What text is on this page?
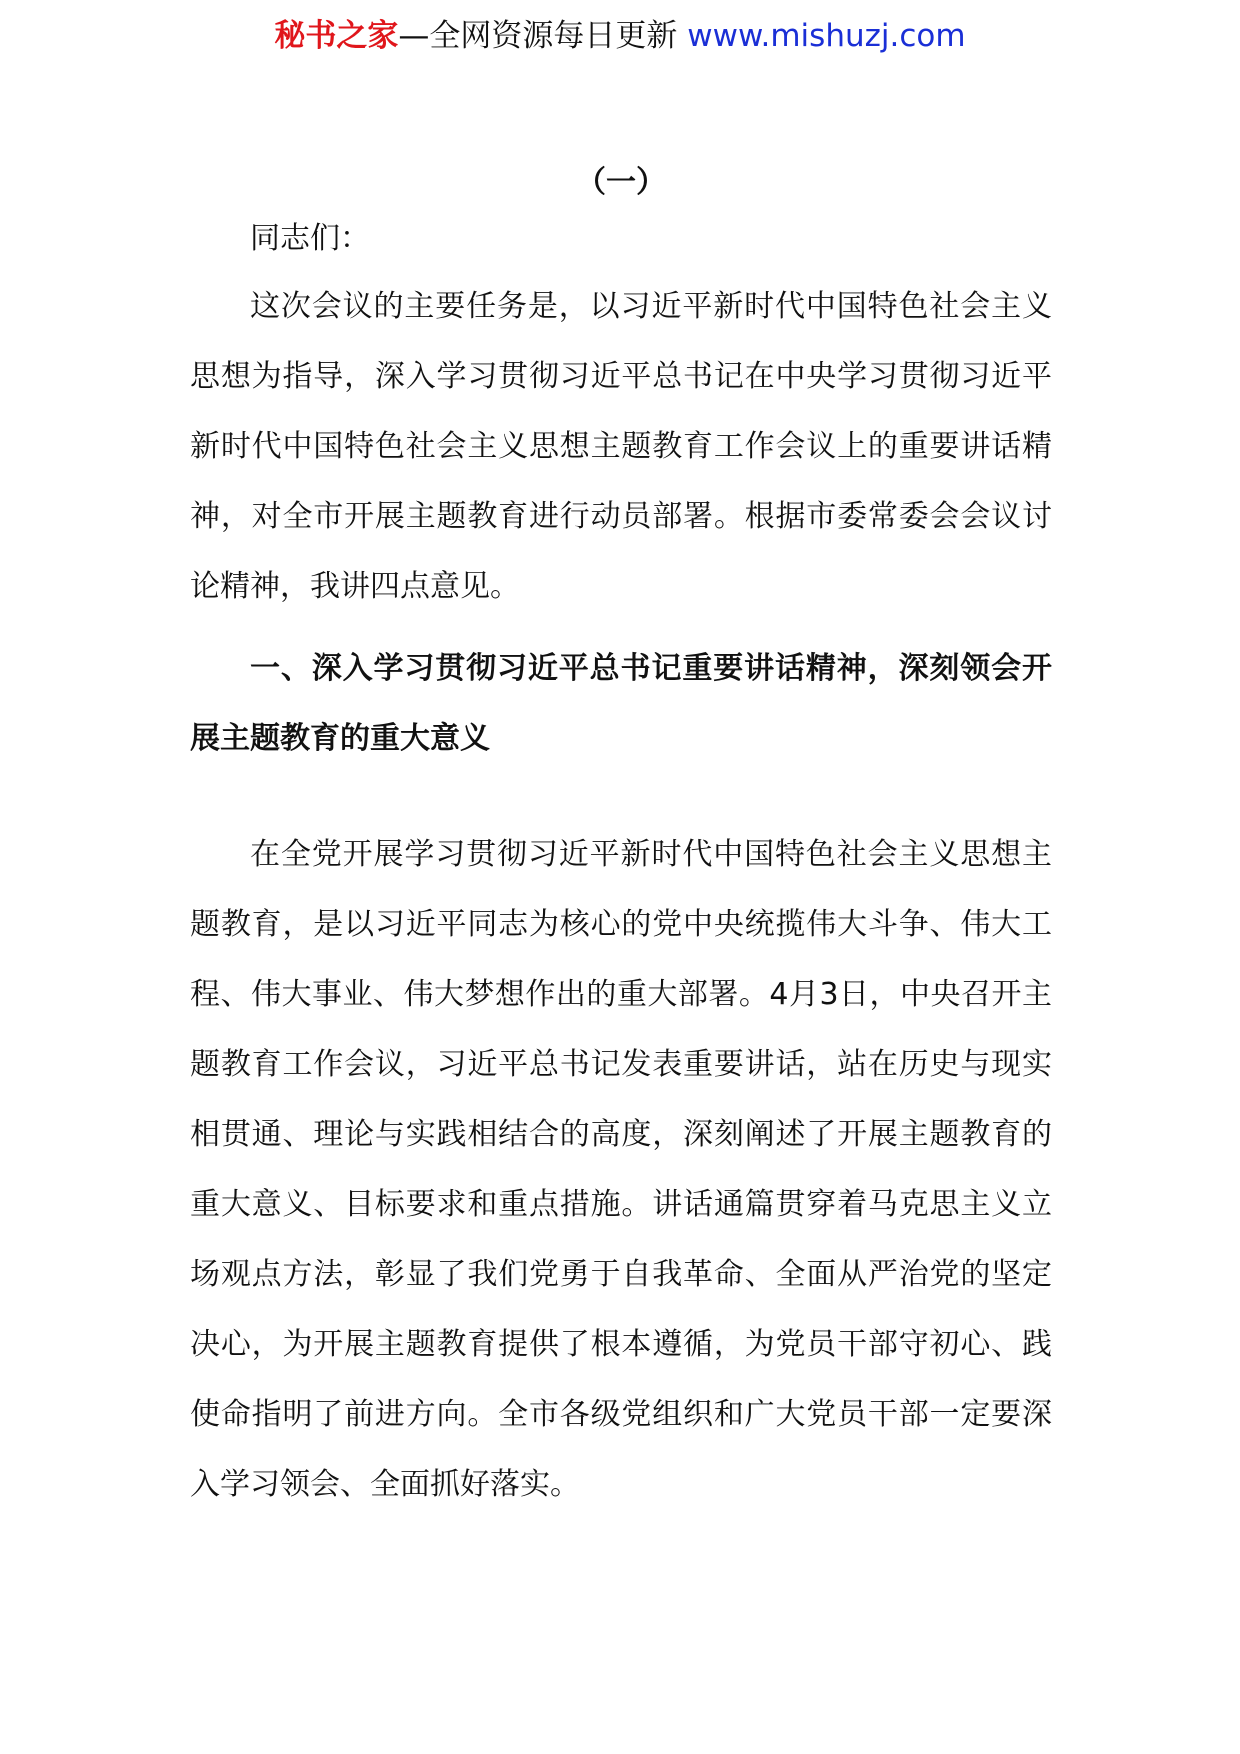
秘书之家—全网资源每日更新 www.mishuzj.com

（一）

同志们：

这次会议的主要任务是，以习近平新时代中国特色社会主义思想为指导，深入学习贯彻习近平总书记在中央学习贯彻习近平新时代中国特色社会主义思想主题教育工作会议上的重要讲话精神，对全市开展主题教育进行动员部署。根据市委常委会会议讨论精神，我讲四点意见。

一、深入学习贯彻习近平总书记重要讲话精神，深刻领会开展主题教育的重大意义

在全党开展学习贯彻习近平新时代中国特色社会主义思想主题教育，是以习近平同志为核心的党中央统揽伟大斗争、伟大工程、伟大事业、伟大梦想作出的重大部署。4月3日，中央召开主题教育工作会议，习近平总书记发表重要讲话，站在历史与现实相贯通、理论与实践相结合的高度，深刻阐述了开展主题教育的重大意义、目标要求和重点措施。讲话通篇贯穿着马克思主义立场观点方法，彰显了我们党勇于自我革命、全面从严治党的坚定决心，为开展主题教育提供了根本遵循，为党员干部守初心、践使命指明了前进方向。全市各级党组织和广大党员干部一定要深入学习领会、全面抓好落实。
